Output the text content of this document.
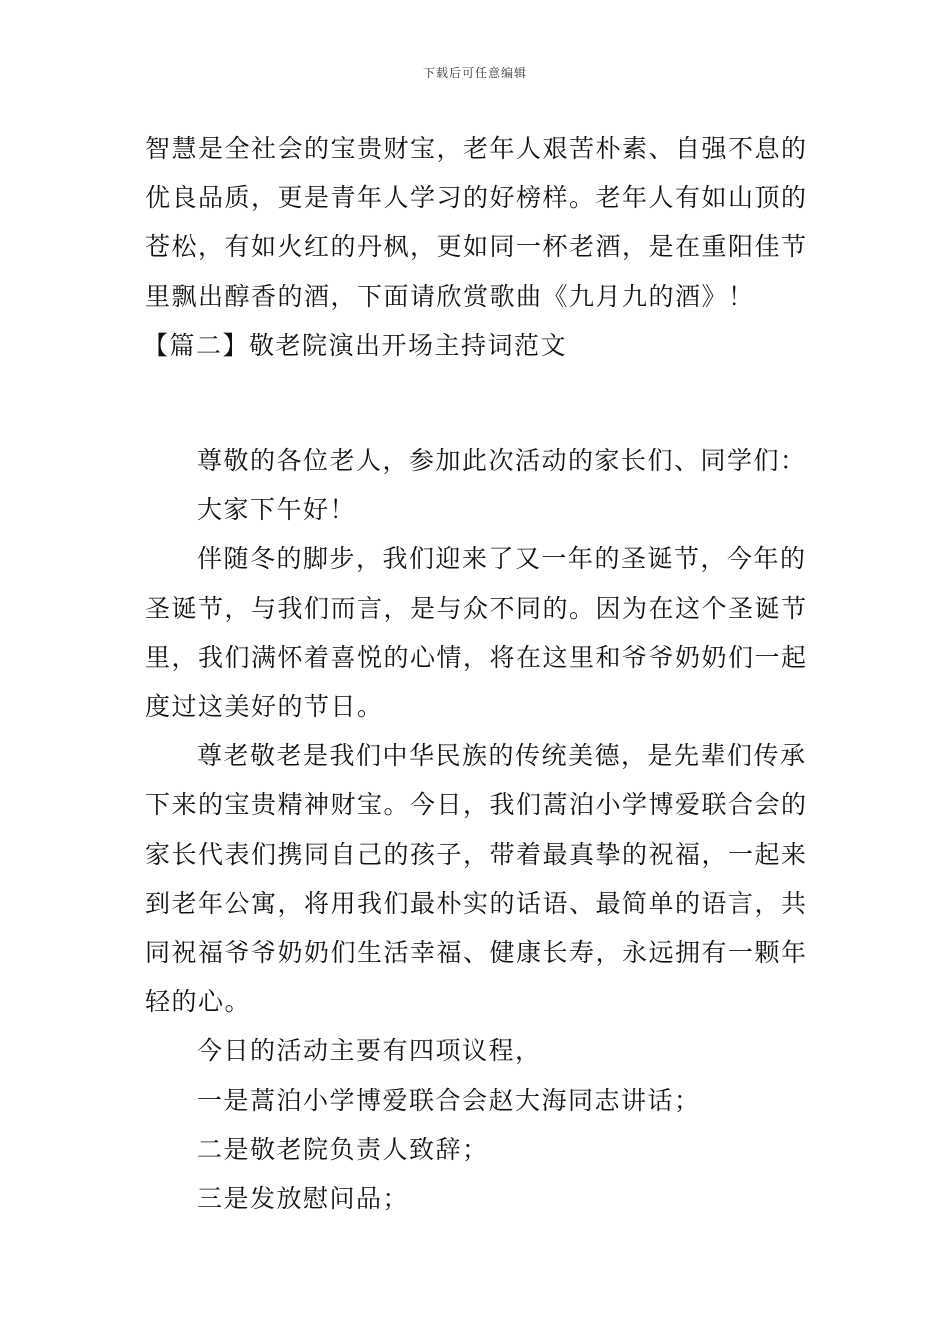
下载后可任意编辑

智慧是全社会的宝贵财宝，老年人艰苦朴素、自强不息的

优良品质，更是青年人学习的好榜样。老年人有如山顶的

苍松，有如火红的丹枫，更如同一杯老酒，是在重阳佳节

里飘出醇香的酒，下面请欣赏歌曲《九月九的酒》！

【篇二】敬老院演出开场主持词范文

尊敬的各位老人，参加此次活动的家长们、同学们：

大家下午好！

伴随冬的脚步，我们迎来了又一年的圣诞节，今年的

圣诞节，与我们而言，是与众不同的。因为在这个圣诞节

里，我们满怀着喜悦的心情，将在这里和爷爷奶奶们一起

度过这美好的节日。

尊老敬老是我们中华民族的传统美德，是先辈们传承

下来的宝贵精神财宝。今日，我们蒿泊小学博爱联合会的

家长代表们携同自己的孩子，带着最真挚的祝福，一起来

到老年公寓，将用我们最朴实的话语、最简单的语言，共

同祝福爷爷奶奶们生活幸福、健康长寿，永远拥有一颗年

轻的心。

今日的活动主要有四项议程，

一是蒿泊小学博爱联合会赵大海同志讲话；

二是敬老院负责人致辞；

三是发放慰问品；
